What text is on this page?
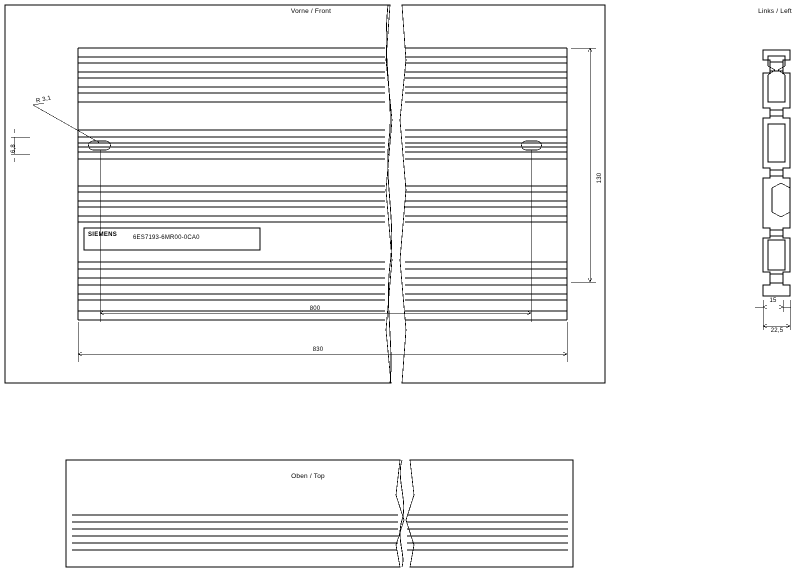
Vorne / Front	Links / Left
Oben / Top
SIEMENS	6ES7193-6MR00-0CA0
800
830
130
6,8
R 3,1
15
22,5
